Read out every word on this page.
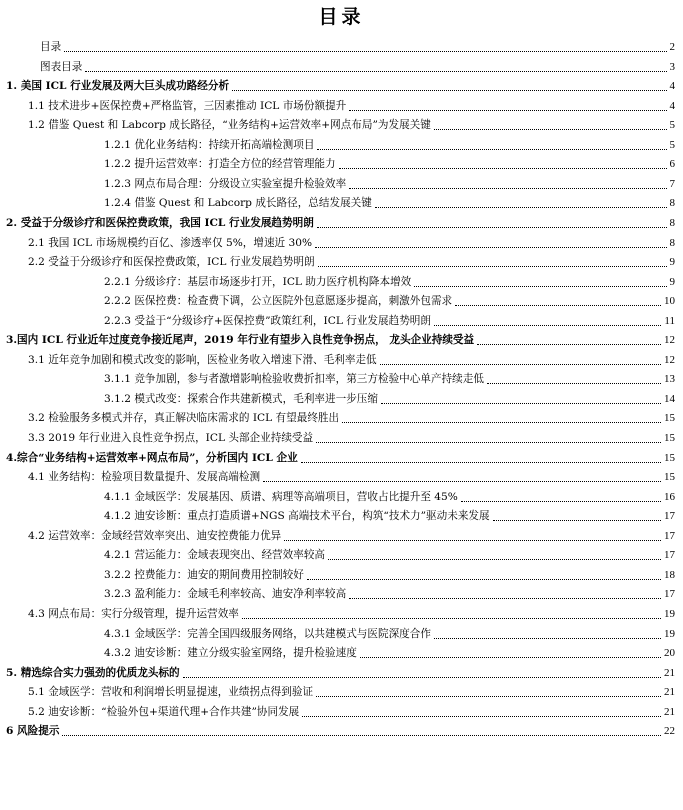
目录
目录	2
图表目录	3
1. 美国 ICL 行业发展及两大巨头成功路经分析	4
1.1 技术进步+医保控费+严格监管，三因素推动 ICL 市场份额提升	4
1.2 借鉴 Quest 和 Labcorp 成长路径，“业务结构+运营效率+网点布局”为发展关键	5
1.2.1 优化业务结构：持续开拓高端检测项目	5
1.2.2 提升运营效率：打造全方位的经营管理能力	6
1.2.3 网点布局合理：分级设立实验室提升检验效率	7
1.2.4 借鉴 Quest 和 Labcorp 成长路径，总结发展关键	8
2. 受益于分级诊疗和医保控费政策，我国 ICL 行业发展趋势明朗	8
2.1 我国 ICL 市场规模约百亿、渗透率仅 5%，增速近 30%	8
2.2 受益于分级诊疗和医保控费政策，ICL 行业发展趋势明朗	9
2.2.1 分级诊疗：基层市场逐步打开，ICL 助力医疗机构降本增效	9
2.2.2 医保控费：检查费下调，公立医院外包意愿逐步提高，刺激外包需求	10
2.2.3 受益于“分级诊疗+医保控费”政策红利，ICL 行业发展趋势明朗	11
3.国内 ICL 行业近年过度竞争接近尾声，2019 年行业有望步入良性竞争拐点， 龙头企业持续受益	12
3.1 近年竞争加剧和模式改变的影响，医检业务收入增速下滑、毛利率走低	12
3.1.1 竞争加剧，参与者激增影响检验收费折扣率，第三方检验中心单产持续走低	13
3.1.2 模式改变：探索合作共建新模式，毛利率进一步压缩	14
3.2 检验服务多模式并存，真正解决临床需求的 ICL 有望最终胜出	15
3.3 2019 年行业进入良性竞争拐点，ICL 头部企业持续受益	15
4.综合“业务结构+运营效率+网点布局”，分析国内 ICL 企业	15
4.1 业务结构：检验项目数量提升、发展高端检测	15
4.1.1 金域医学：发展基因、质谱、病理等高端项目，营收占比提升至 45%	16
4.1.2 迪安诊断：重点打造质谱+NGS 高端技术平台，构筑“技术力”驱动未来发展	17
4.2 运营效率：金域经营效率突出、迪安控费能力优异	17
4.2.1 营运能力：金域表现突出、经营效率较高	17
3.2.2 控费能力：迪安的期间费用控制较好	18
3.2.3 盈利能力：金域毛利率较高、迪安净利率较高	17
4.3 网点布局：实行分级管理，提升运营效率	19
4.3.1 金域医学：完善全国四级服务网络，以共建模式与医院深度合作	19
4.3.2 迪安诊断：建立分级实验室网络，提升检验速度	20
5. 精选综合实力强劲的优质龙头标的	21
5.1 金域医学：营收和利润增长明显提速，业绩拐点得到验证	21
5.2 迪安诊断：“检验外包+渠道代理+合作共建”协同发展	21
6 风险提示	22
